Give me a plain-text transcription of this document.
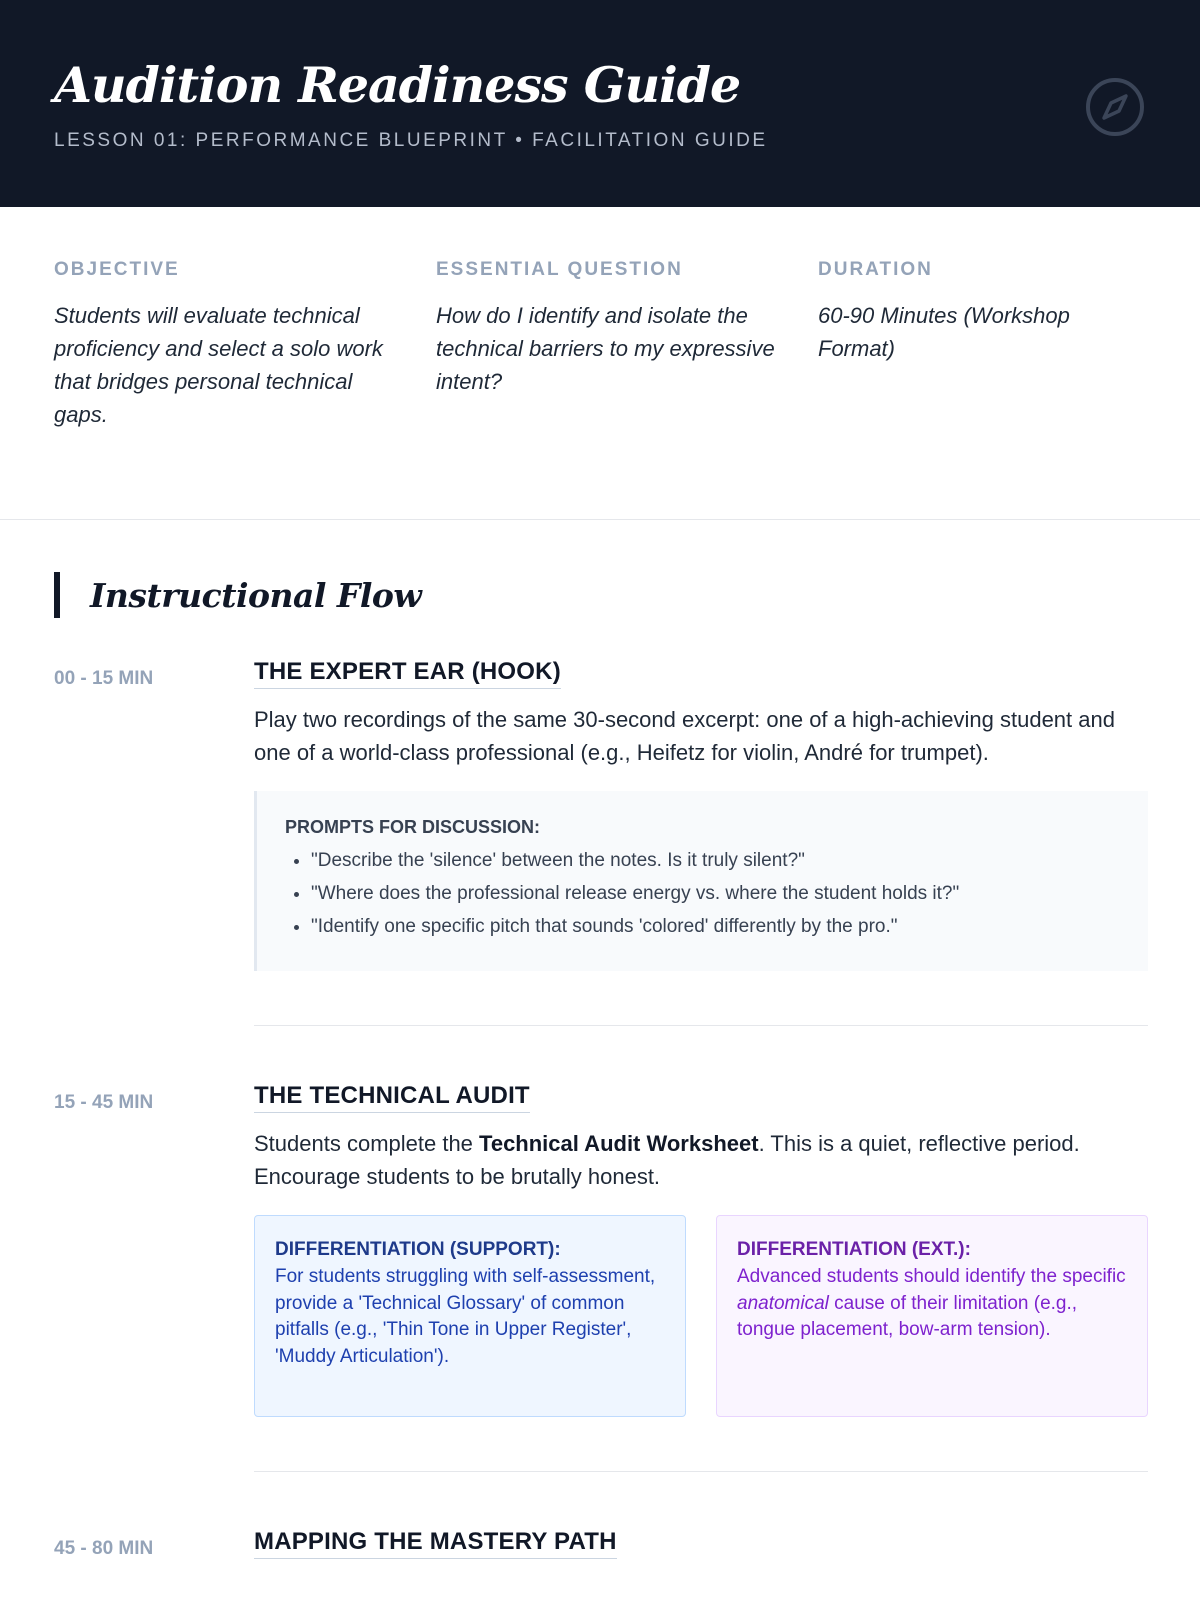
Audition Readiness Guide
LESSON 01: PERFORMANCE BLUEPRINT • FACILITATION GUIDE
OBJECTIVE
Students will evaluate technical proficiency and select a solo work that bridges personal technical gaps.
ESSENTIAL QUESTION
How do I identify and isolate the technical barriers to my expressive intent?
DURATION
60-90 Minutes (Workshop Format)
Instructional Flow
00 - 15 MIN	THE EXPERT EAR (HOOK)
Play two recordings of the same 30-second excerpt: one of a high-achieving student and one of a world-class professional (e.g., Heifetz for violin, André for trumpet).
PROMPTS FOR DISCUSSION:
• "Describe the 'silence' between the notes. Is it truly silent?"
• "Where does the professional release energy vs. where the student holds it?"
• "Identify one specific pitch that sounds 'colored' differently by the pro."
15 - 45 MIN	THE TECHNICAL AUDIT
Students complete the Technical Audit Worksheet. This is a quiet, reflective period. Encourage students to be brutally honest.
DIFFERENTIATION (SUPPORT):
For students struggling with self-assessment, provide a 'Technical Glossary' of common pitfalls (e.g., 'Thin Tone in Upper Register', 'Muddy Articulation').
DIFFERENTIATION (EXT.):
Advanced students should identify the specific anatomical cause of their limitation (e.g., tongue placement, bow-arm tension).
45 - 80 MIN	MAPPING THE MASTERY PATH
